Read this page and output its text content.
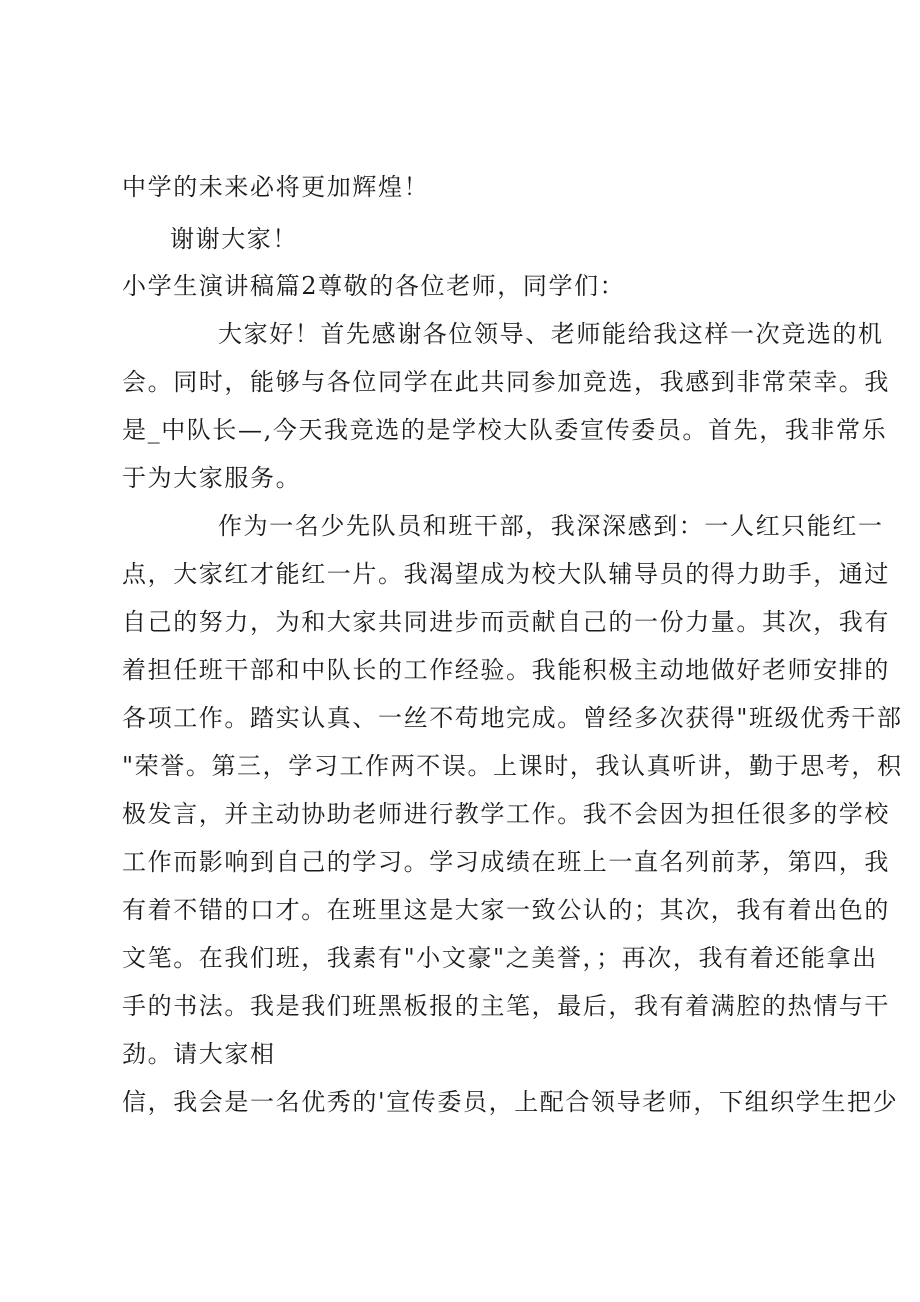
中学的未来必将更加辉煌！
谢谢大家！
小学生演讲稿篇2尊敬的各位老师，同学们：
大家好！首先感谢各位领导、老师能给我这样一次竞选的机
会。同时，能够与各位同学在此共同参加竞选，我感到非常荣幸。我
是_中队长—,今天我竞选的是学校大队委宣传委员。首先，我非常乐
于为大家服务。
作为一名少先队员和班干部，我深深感到：一人红只能红一
点，大家红才能红一片。我渴望成为校大队辅导员的得力助手，通过
自己的努力，为和大家共同进步而贡献自己的一份力量。其次，我有
着担任班干部和中队长的工作经验。我能积极主动地做好老师安排的
各项工作。踏实认真、一丝不苟地完成。曾经多次获得"班级优秀干部
"荣誉。第三，学习工作两不误。上课时，我认真听讲，勤于思考，积
极发言，并主动协助老师进行教学工作。我不会因为担任很多的学校
工作而影响到自己的学习。学习成绩在班上一直名列前茅，第四，我
有着不错的口才。在班里这是大家一致公认的；其次，我有着出色的
文笔。在我们班，我素有"小文豪"之美誉，；再次，我有着还能拿出
手的书法。我是我们班黑板报的主笔，最后，我有着满腔的热情与干
劲。请大家相
信，我会是一名优秀的'宣传委员，上配合领导老师，下组织学生把少
